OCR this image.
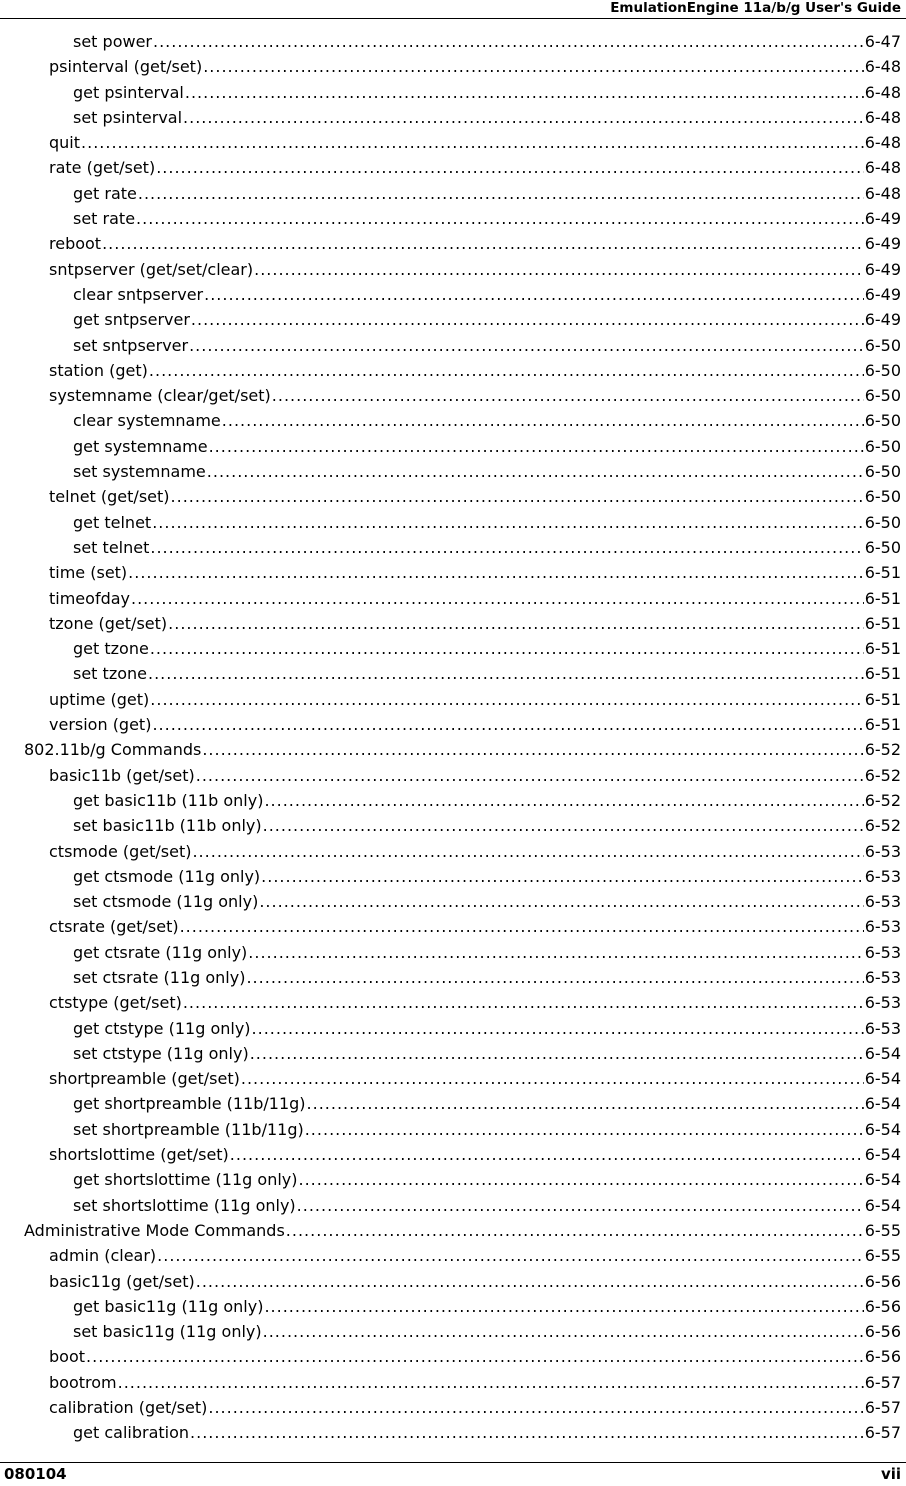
EmulationEngine 11a/b/g User's Guide
set power .....	6-47
psinterval (get/set) .....	6-48
get psinterval .....	6-48
set psinterval .....	6-48
quit .....	6-48
rate (get/set) .....	6-48
get rate .....	6-48
set rate .....	6-49
reboot .....	6-49
sntpserver (get/set/clear) .....	6-49
clear sntpserver .....	6-49
get sntpserver .....	6-49
set sntpserver .....	6-50
station (get) .....	6-50
systemname (clear/get/set) .....	6-50
clear systemname .....	6-50
get systemname .....	6-50
set systemname .....	6-50
telnet (get/set) .....	6-50
get telnet .....	6-50
set telnet .....	6-50
time (set) .....	6-51
timeofday .....	6-51
tzone (get/set) .....	6-51
get tzone .....	6-51
set tzone .....	6-51
uptime (get) .....	6-51
version (get) .....	6-51
802.11b/g Commands .....	6-52
basic11b (get/set) .....	6-52
get basic11b (11b only) .....	6-52
set basic11b (11b only) .....	6-52
ctsmode (get/set) .....	6-53
get ctsmode (11g only) .....	6-53
set ctsmode (11g only) .....	6-53
ctsrate (get/set) .....	6-53
get ctsrate (11g only) .....	6-53
set ctsrate (11g only) .....	6-53
ctstype (get/set) .....	6-53
get ctstype (11g only) .....	6-53
set ctstype (11g only) .....	6-54
shortpreamble (get/set) .....	6-54
get shortpreamble (11b/11g) .....	6-54
set shortpreamble (11b/11g) .....	6-54
shortslottime (get/set) .....	6-54
get shortslottime (11g only) .....	6-54
set shortslottime (11g only) .....	6-54
Administrative Mode Commands .....	6-55
admin (clear) .....	6-55
basic11g (get/set) .....	6-56
get basic11g (11g only) .....	6-56
set basic11g (11g only) .....	6-56
boot .....	6-56
bootrom .....	6-57
calibration (get/set) .....	6-57
get calibration .....	6-57
080104	vii
